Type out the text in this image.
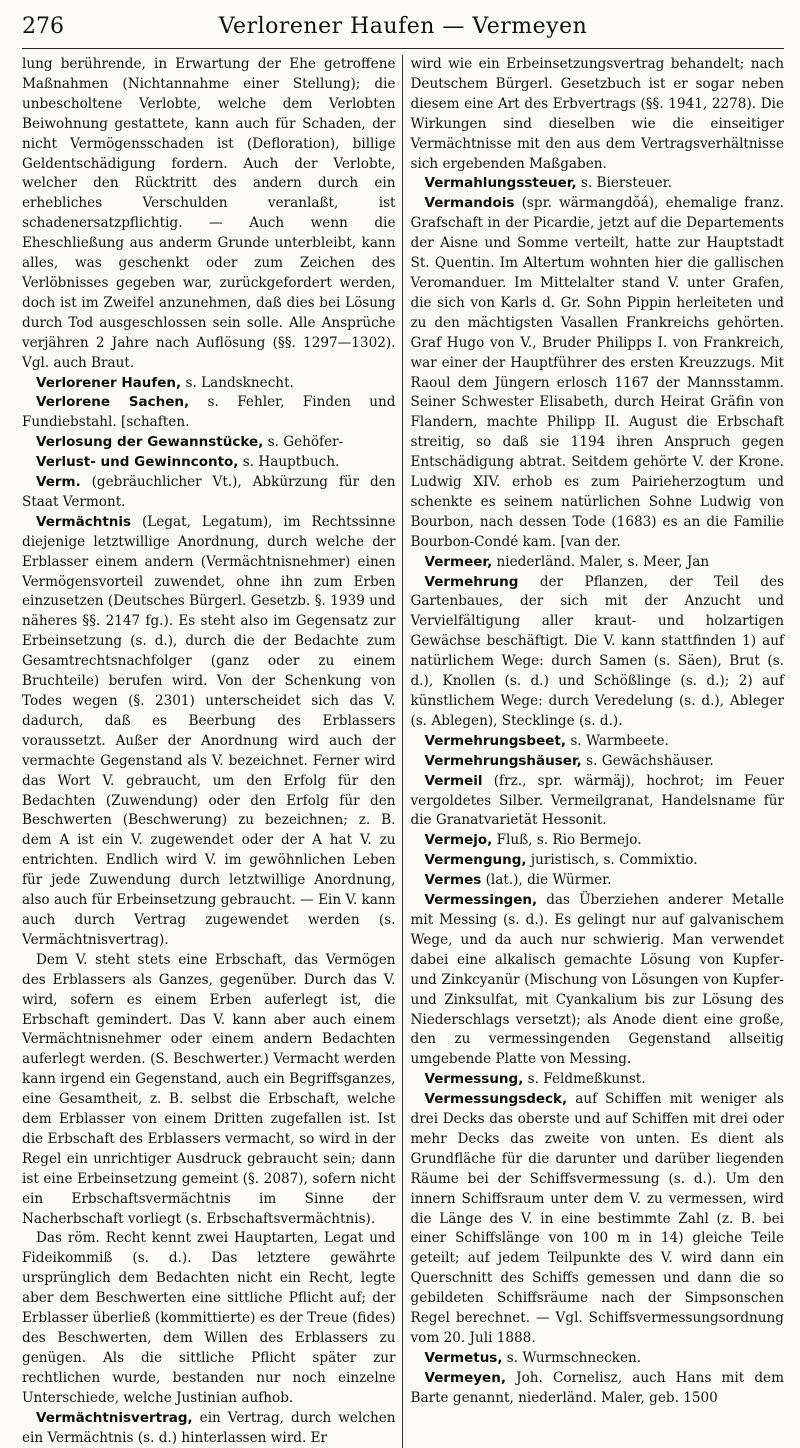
276	Verlorener Haufen — Vermeyen

lung berührende, in Erwartung der Ehe getroffene Maßnahmen (Nichtannahme einer Stellung); die unbescholtene Verlobte, welche dem Verlobten Beiwohnung gestattete, kann auch für Schaden, der nicht Vermögensschaden ist (Defloration), billige Geldentschädigung fordern. Auch der Verlobte, welcher den Rücktritt des andern durch ein erhebliches Verschulden veranlaßt, ist schadenersatzpflichtig. — Auch wenn die Eheschließung aus anderm Grunde unterbleibt, kann alles, was geschenkt oder zum Zeichen des Verlöbnisses gegeben war, zurückgefordert werden, doch ist im Zweifel anzunehmen, daß dies bei Lösung durch Tod ausgeschlossen sein solle. Alle Ansprüche verjähren 2 Jahre nach Auflösung (§§. 1297—1302). Vgl. auch Braut.

Verlorener Haufen, s. Landsknecht.

Verlorene Sachen, s. Fehler, Finden und Fundiebstahl. [schaften.

Verlosung der Gewannstücke, s. Gehöfer-

Verlust- und Gewinnconto, s. Hauptbuch.

Verm. (gebräuchlicher Vt.), Abkürzung für den Staat Vermont.

Vermächtnis (Legat, Legatum), im Rechtssinne diejenige letztwillige Anordnung, durch welche der Erblasser einem andern (Vermächtnisnehmer) einen Vermögensvorteil zuwendet, ohne ihn zum Erben einzusetzen (Deutsches Bürgerl. Gesetzb. §. 1939 und näheres §§. 2147 fg.). Es steht also im Gegensatz zur Erbeinsetzung (s. d.), durch die der Bedachte zum Gesamtrechtsnachfolger (ganz oder zu einem Bruchteile) berufen wird. Von der Schenkung von Todes wegen (§. 2301) unterscheidet sich das V. dadurch, daß es Beerbung des Erblassers voraussetzt. Außer der Anordnung wird auch der vermachte Gegenstand als V. bezeichnet. Ferner wird das Wort V. gebraucht, um den Erfolg für den Bedachten (Zuwendung) oder den Erfolg für den Beschwerten (Beschwerung) zu bezeichnen; z. B. dem A ist ein V. zugewendet oder der A hat V. zu entrichten. Endlich wird V. im gewöhnlichen Leben für jede Zuwendung durch letztwillige Anordnung, also auch für Erbeinsetzung gebraucht. — Ein V. kann auch durch Vertrag zugewendet werden (s. Vermächtnisvertrag).

Dem V. steht stets eine Erbschaft, das Vermögen des Erblassers als Ganzes, gegenüber. Durch das V. wird, sofern es einem Erben auferlegt ist, die Erbschaft gemindert. Das V. kann aber auch einem Vermächtnisnehmer oder einem andern Bedachten auferlegt werden. (S. Beschwerter.) Vermacht werden kann irgend ein Gegenstand, auch ein Begriffsganzes, eine Gesamtheit, z. B. selbst die Erbschaft, welche dem Erblasser von einem Dritten zugefallen ist. Ist die Erbschaft des Erblassers vermacht, so wird in der Regel ein unrichtiger Ausdruck gebraucht sein; dann ist eine Erbeinsetzung gemeint (§. 2087), sofern nicht ein Erbschaftsvermächtnis im Sinne der Nacherbschaft vorliegt (s. Erbschaftsvermächtnis).

Das röm. Recht kennt zwei Hauptarten, Legat und Fideikommiß (s. d.). Das letztere gewährte ursprünglich dem Bedachten nicht ein Recht, legte aber dem Beschwerten eine sittliche Pflicht auf; der Erblasser überließ (kommittierte) es der Treue (fides) des Beschwerten, dem Willen des Erblassers zu genügen. Als die sittliche Pflicht später zur rechtlichen wurde, bestanden nur noch einzelne Unterschiede, welche Justinian aufhob.

Vermächtnisvertrag, ein Vertrag, durch welchen ein Vermächtnis (s. d.) hinterlassen wird. Er

wird wie ein Erbeinsetzungsvertrag behandelt; nach Deutschem Bürgerl. Gesetzbuch ist er sogar neben diesem eine Art des Erbvertrags (§§. 1941, 2278). Die Wirkungen sind dieselben wie die einseitiger Vermächtnisse mit den aus dem Vertragsverhältnisse sich ergebenden Maßgaben.

Vermahlungssteuer, s. Biersteuer.

Vermandois (spr. wärmangdŏá), ehemalige franz. Grafschaft in der Picardie, jetzt auf die Departements der Aisne und Somme verteilt, hatte zur Hauptstadt St. Quentin. Im Altertum wohnten hier die gallischen Veromanduer. Im Mittelalter stand V. unter Grafen, die sich von Karls d. Gr. Sohn Pippin herleiteten und zu den mächtigsten Vasallen Frankreichs gehörten. Graf Hugo von V., Bruder Philipps I. von Frankreich, war einer der Hauptführer des ersten Kreuzzugs. Mit Raoul dem Jüngern erlosch 1167 der Mannsstamm. Seiner Schwester Elisabeth, durch Heirat Gräfin von Flandern, machte Philipp II. August die Erbschaft streitig, so daß sie 1194 ihren Anspruch gegen Entschädigung abtrat. Seitdem gehörte V. der Krone. Ludwig XIV. erhob es zum Pairieherzogtum und schenkte es seinem natürlichen Sohne Ludwig von Bourbon, nach dessen Tode (1683) es an die Familie Bourbon-Condé kam. [van der.

Vermeer, niederländ. Maler, s. Meer, Jan

Vermehrung der Pflanzen, der Teil des Gartenbaues, der sich mit der Anzucht und Vervielfältigung aller kraut- und holzartigen Gewächse beschäftigt. Die V. kann stattfinden 1) auf natürlichem Wege: durch Samen (s. Säen), Brut (s. d.), Knollen (s. d.) und Schößlinge (s. d.); 2) auf künstlichem Wege: durch Veredelung (s. d.), Ableger (s. Ablegen), Stecklinge (s. d.).

Vermehrungsbeet, s. Warmbeete.

Vermehrungshäuser, s. Gewächshäuser.

Vermeil (frz., spr. wärmäj), hochrot; im Feuer vergoldetes Silber. Vermeilgranat, Handelsname für die Granatvarietät Hessonit.

Vermejo, Fluß, s. Rio Bermejo.

Vermengung, juristisch, s. Commixtio.

Vermes (lat.), die Würmer.

Vermessingen, das Überziehen anderer Metalle mit Messing (s. d.). Es gelingt nur auf galvanischem Wege, und da auch nur schwierig. Man verwendet dabei eine alkalisch gemachte Lösung von Kupfer- und Zinkcyanür (Mischung von Lösungen von Kupfer- und Zinksulfat, mit Cyankalium bis zur Lösung des Niederschlags versetzt); als Anode dient eine große, den zu vermessingenden Gegenstand allseitig umgebende Platte von Messing.

Vermessung, s. Feldmeßkunst.

Vermessungsdeck, auf Schiffen mit weniger als drei Decks das oberste und auf Schiffen mit drei oder mehr Decks das zweite von unten. Es dient als Grundfläche für die darunter und darüber liegenden Räume bei der Schiffsvermessung (s. d.). Um den innern Schiffsraum unter dem V. zu vermessen, wird die Länge des V. in eine bestimmte Zahl (z. B. bei einer Schiffslänge von 100 m in 14) gleiche Teile geteilt; auf jedem Teilpunkte des V. wird dann ein Querschnitt des Schiffs gemessen und dann die so gebildeten Schiffsräume nach der Simpsonschen Regel berechnet. — Vgl. Schiffsvermessungsordnung vom 20. Juli 1888.

Vermetus, s. Wurmschnecken.

Vermeyen, Joh. Cornelisz, auch Hans mit dem Barte genannt, niederländ. Maler, geb. 1500
